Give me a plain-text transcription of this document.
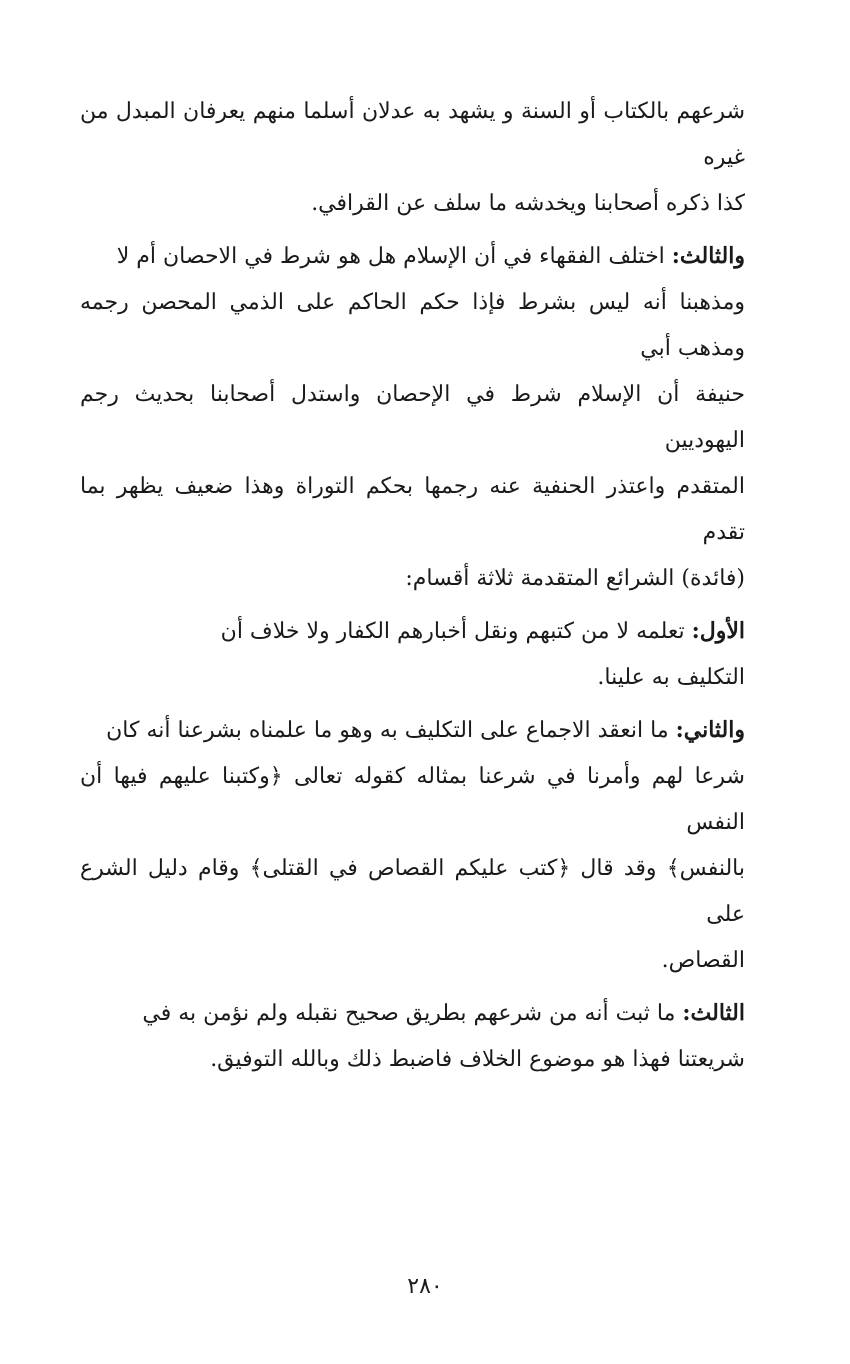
شرعهم بالكتاب أو السنة و يشهد به عدلان أسلما منهم يعرفان المبدل من غيره
كذا ذكره أصحابنا ويخدشه ما سلف عن القرافي.

والثالث: اختلف الفقهاء في أن الإسلام هل هو شرط في الاحصان أم لا
ومذهبنا أنه ليس بشرط فإذا حكم الحاكم على الذمي المحصن رجمه ومذهب أبي
حنيفة أن الإسلام شرط في الإحصان واستدل أصحابنا بحديث رجم اليهوديين
المتقدم واعتذر الحنفية عنه رجمها بحكم التوراة وهذا ضعيف يظهر بما تقدم
(فائدة) الشرائع المتقدمة ثلاثة أقسام:

الأول: تعلمه لا من كتبهم ونقل أخبارهم الكفار ولا خلاف أن
التكليف به علينا.

والثاني: ما انعقد الاجماع على التكليف به وهو ما علمناه بشرعنا أنه كان
شرعا لهم وأمرنا في شرعنا بمثاله كقوله تعالى ﴿وكتبنا عليهم فيها أن النفس
بالنفس﴾ وقد قال ﴿كتب عليكم القصاص في القتلى﴾ وقام دليل الشرع على
القصاص.

الثالث: ما ثبت أنه من شرعهم بطريق صحيح نقبله ولم نؤمن به في
شريعتنا فهذا هو موضوع الخلاف فاضبط ذلك وبالله التوفيق.

٢٨٠
